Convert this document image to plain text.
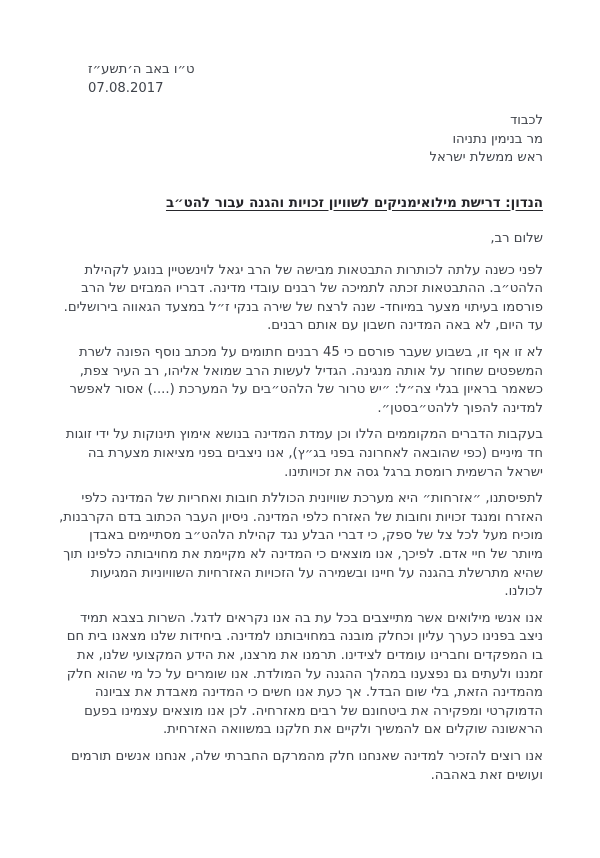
ט״ו באב ה׳תשע״ז
07.08.2017
לכבוד
מר בנימין נתניהו
ראש ממשלת ישראל
הנדון: דרישת מילואימניקים לשוויון זכויות והגנה עבור להט״ב
שלום רב,

לפני כשנה עלתה לכותרות התבטאות מבישה של הרב יגאל לוינשטיין בנוגע לקהילת הלהט״ב. ההתבטאות זכתה לתמיכה של רבנים עובדי מדינה. דבריו המבזים של הרב פורסמו בעיתוי מצער במיוחד- שנה לרצח של שירה בנקי ז״ל במצעד הגאווה בירושלים. עד היום, לא באה המדינה חשבון עם אותם רבנים.

לא זו אף זו, בשבוע שעבר פורסם כי 45 רבנים חתומים על מכתב נוסף הפונה לשרת המשפטים שחוזר על אותה מנגינה. הגדיל לעשות הרב שמואל אליהו, רב העיר צפת, כשאמר בראיון בגלי צה״ל: ״יש טרור של הלהט״בים על המערכת (....) אסור לאפשר למדינה להפוך ללהט״בסטן״.

בעקבות הדברים המקוממים הללו וכן עמדת המדינה בנושא אימוץ תינוקות על ידי זוגות חד מיניים (כפי שהובאה לאחרונה בפני בג״ץ), אנו ניצבים בפני מציאות מצערת בה ישראל הרשמית רומסת ברגל גסה את זכויותינו.

לתפיסתנו, ״אזרחות״ היא מערכת שוויונית הכוללת חובות ואחריות של המדינה כלפי האזרח ומנגד זכויות וחובות של האזרח כלפי המדינה. ניסיון העבר הכתוב בדם הקרבנות, מוכיח מעל לכל צל של ספק, כי דברי הבלע נגד קהילת הלהט״ב מסתיימים באבדן מיותר של חיי אדם. לפיכך, אנו מוצאים כי המדינה לא מקיימת את מחויבותה כלפינו תוך שהיא מתרשלת בהגנה על חיינו ובשמירה על הזכויות האזרחיות השוויוניות המגיעות לכולנו.

אנו אנשי מילואים אשר מתייצבים בכל עת בה אנו נקראים לדגל. השרות בצבא תמיד ניצב בפנינו כערך עליון וכחלק מובנה במחויבותנו למדינה. ביחידות שלנו מצאנו בית חם בו המפקדים וחברינו עומדים לצידינו. תרמנו את מרצנו, את הידע המקצועי שלנו, את זמננו ולעתים גם נפצענו במהלך ההגנה על המולדת. אנו שומרים על כל מי שהוא חלק מהמדינה הזאת, בלי שום הבדל. אך כעת אנו חשים כי המדינה מאבדת את צביונה הדמוקרטי ומפקירה את ביטחונם של רבים מאזרחיה. לכן אנו מוצאים עצמינו בפעם הראשונה שוקלים אם להמשיך ולקיים את חלקנו במשוואה האזרחית.

אנו רוצים להזכיר למדינה שאנחנו חלק מהמרקם החברתי שלה, אנחנו אנשים תורמים ועושים זאת באהבה.
